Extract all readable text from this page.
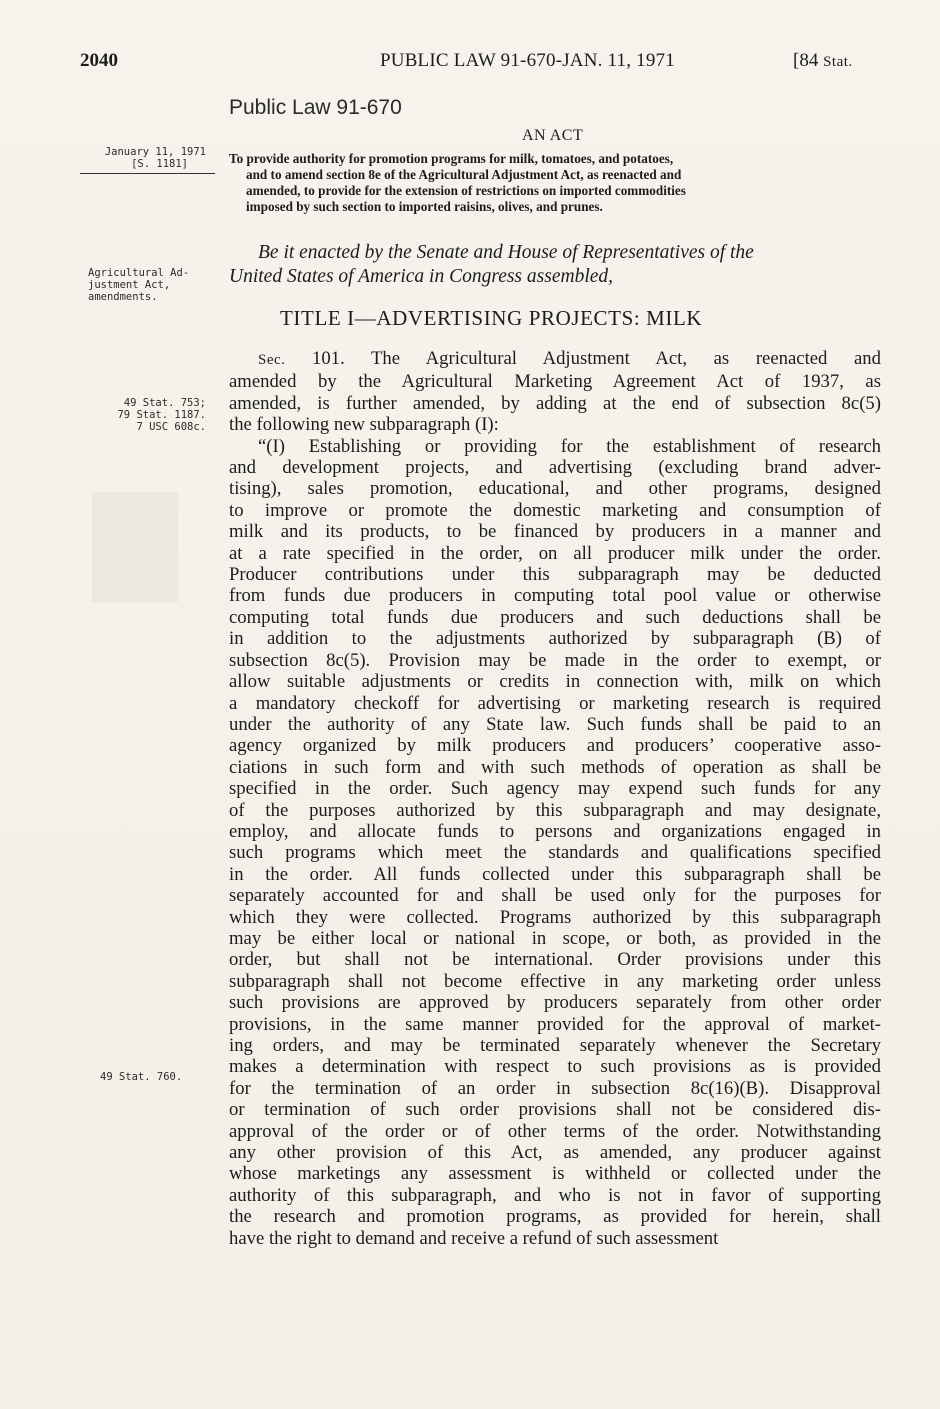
2040	PUBLIC LAW 91-670-JAN. 11, 1971	[84 Stat.
Public Law 91-670
AN ACT
January 11, 1971
[S. 1181]
Agricultural Ad-
justment Act,
amendments.
49 Stat. 753;
79 Stat. 1187.
7 USC 608c.
49 Stat. 760.
To provide authority for promotion programs for milk, tomatoes, and potatoes,
and to amend section 8e of the Agricultural Adjustment Act, as reenacted and
amended, to provide for the extension of restrictions on imported commodities
imposed by such section to imported raisins, olives, and prunes.
Be it enacted by the Senate and House of Representatives of the
United States of America in Congress assembled,
TITLE I—ADVERTISING PROJECTS: MILK
Sec. 101. The Agricultural Adjustment Act, as reenacted and
amended by the Agricultural Marketing Agreement Act of 1937, as
amended, is further amended, by adding at the end of subsection 8c(5)
the following new subparagraph (I):
“(I) Establishing or providing for the establishment of research
and development projects, and advertising (excluding brand adver-
tising), sales promotion, educational, and other programs, designed
to improve or promote the domestic marketing and consumption of
milk and its products, to be financed by producers in a manner and
at a rate specified in the order, on all producer milk under the order.
Producer contributions under this subparagraph may be deducted
from funds due producers in computing total pool value or otherwise
computing total funds due producers and such deductions shall be
in addition to the adjustments authorized by subparagraph (B) of
subsection 8c(5). Provision may be made in the order to exempt, or
allow suitable adjustments or credits in connection with, milk on which
a mandatory checkoff for advertising or marketing research is required
under the authority of any State law. Such funds shall be paid to an
agency organized by milk producers and producers’ cooperative asso-
ciations in such form and with such methods of operation as shall be
specified in the order. Such agency may expend such funds for any
of the purposes authorized by this subparagraph and may designate,
employ, and allocate funds to persons and organizations engaged in
such programs which meet the standards and qualifications specified
in the order. All funds collected under this subparagraph shall be
separately accounted for and shall be used only for the purposes for
which they were collected. Programs authorized by this subparagraph
may be either local or national in scope, or both, as provided in the
order, but shall not be international. Order provisions under this
subparagraph shall not become effective in any marketing order unless
such provisions are approved by producers separately from other order
provisions, in the same manner provided for the approval of market-
ing orders, and may be terminated separately whenever the Secretary
makes a determination with respect to such provisions as is provided
for the termination of an order in subsection 8c(16)(B). Disapproval
or termination of such order provisions shall not be considered dis-
approval of the order or of other terms of the order. Notwithstanding
any other provision of this Act, as amended, any producer against
whose marketings any assessment is withheld or collected under the
authority of this subparagraph, and who is not in favor of supporting
the research and promotion programs, as provided for herein, shall
have the right to demand and receive a refund of such assessment
